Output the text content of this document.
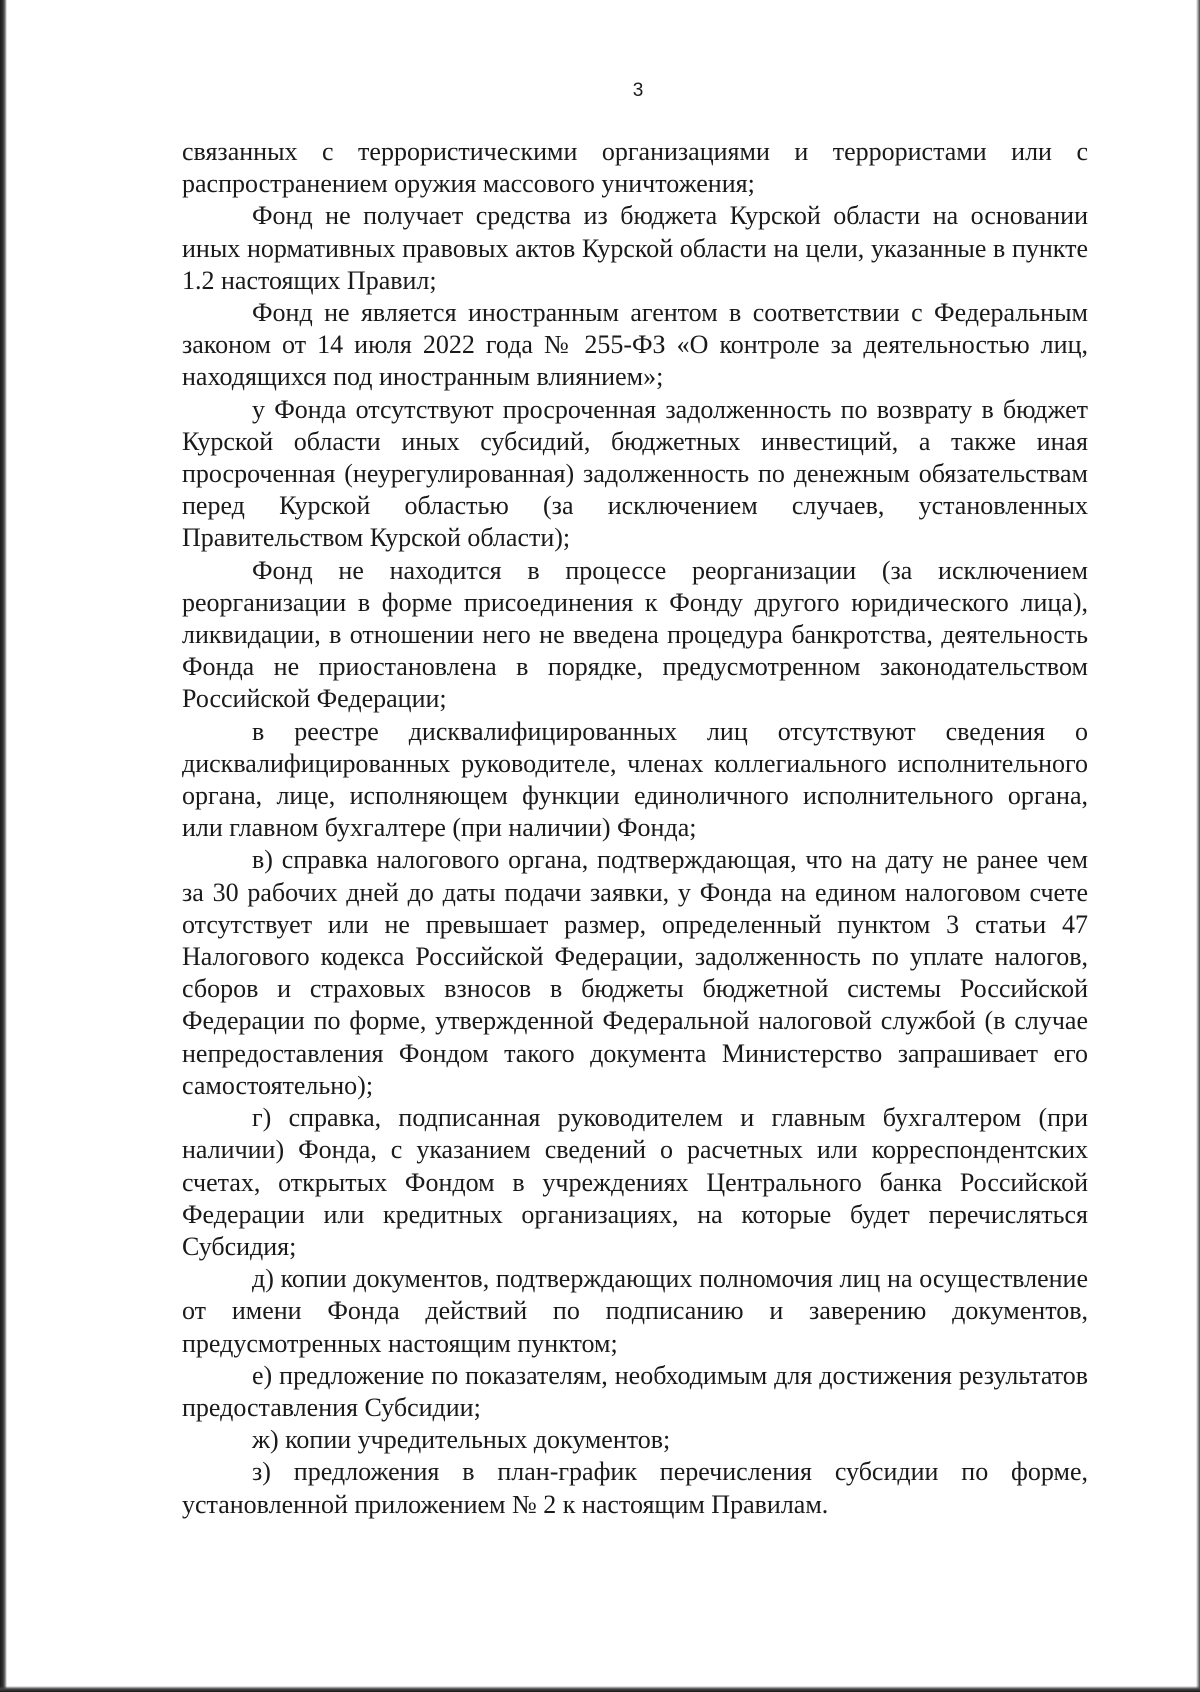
3

связанных с террористическими организациями и террористами или с распространением оружия массового уничтожения;

Фонд не получает средства из бюджета Курской области на основании иных нормативных правовых актов Курской области на цели, указанные в пункте 1.2 настоящих Правил;

Фонд не является иностранным агентом в соответствии с Федеральным законом от 14 июля 2022 года № 255-ФЗ «О контроле за деятельностью лиц, находящихся под иностранным влиянием»;

у Фонда отсутствуют просроченная задолженность по возврату в бюджет Курской области иных субсидий, бюджетных инвестиций, а также иная просроченная (неурегулированная) задолженность по денежным обязательствам перед Курской областью (за исключением случаев, установленных Правительством Курской области);

Фонд не находится в процессе реорганизации (за исключением реорганизации в форме присоединения к Фонду другого юридического лица), ликвидации, в отношении него не введена процедура банкротства, деятельность Фонда не приостановлена в порядке, предусмотренном законодательством Российской Федерации;

в реестре дисквалифицированных лиц отсутствуют сведения о дисквалифицированных руководителе, членах коллегиального исполнительного органа, лице, исполняющем функции единоличного исполнительного органа, или главном бухгалтере (при наличии) Фонда;

в) справка налогового органа, подтверждающая, что на дату не ранее чем за 30 рабочих дней до даты подачи заявки, у Фонда на едином налоговом счете отсутствует или не превышает размер, определенный пунктом 3 статьи 47 Налогового кодекса Российской Федерации, задолженность по уплате налогов, сборов и страховых взносов в бюджеты бюджетной системы Российской Федерации по форме, утвержденной Федеральной налоговой службой (в случае непредоставления Фондом такого документа Министерство запрашивает его самостоятельно);

г) справка, подписанная руководителем и главным бухгалтером (при наличии) Фонда, с указанием сведений о расчетных или корреспондентских счетах, открытых Фондом в учреждениях Центрального банка Российской Федерации или кредитных организациях, на которые будет перечисляться Субсидия;

д) копии документов, подтверждающих полномочия лиц на осуществление от имени Фонда действий по подписанию и заверению документов, предусмотренных настоящим пунктом;

е) предложение по показателям, необходимым для достижения результатов предоставления Субсидии;

ж) копии учредительных документов;

з) предложения в план-график перечисления субсидии по форме, установленной приложением № 2 к настоящим Правилам.
